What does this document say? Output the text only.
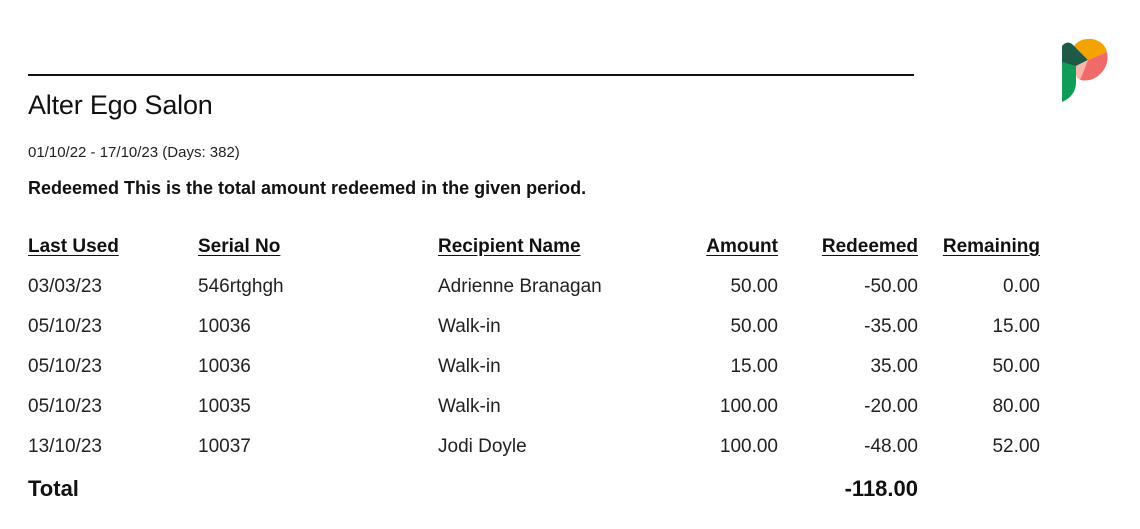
Alter Ego Salon
01/10/22 - 17/10/23 (Days: 382)
Redeemed This is the total amount redeemed in the given period.
Last Used	Serial No	Recipient Name	Amount	Redeemed	Remaining
03/03/23	546rtghgh	Adrienne Branagan	50.00	-50.00	0.00
05/10/23	10036	Walk-in	50.00	-35.00	15.00
05/10/23	10036	Walk-in	15.00	35.00	50.00
05/10/23	10035	Walk-in	100.00	-20.00	80.00
13/10/23	10037	Jodi Doyle	100.00	-48.00	52.00
Total				-118.00	
